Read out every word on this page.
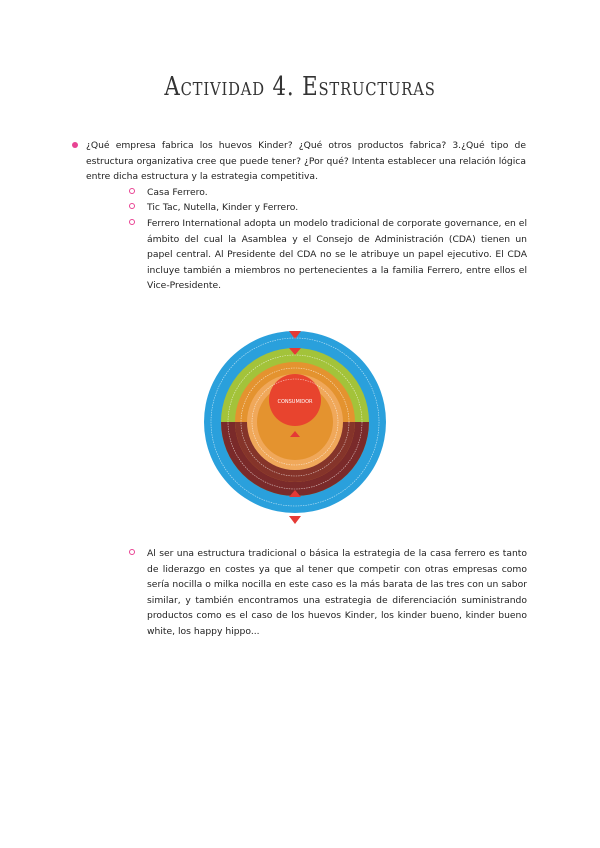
Actividad 4. Estructuras

¿Qué empresa fabrica los huevos Kinder? ¿Qué otros productos fabrica? 3.¿Qué tipo de estructura organizativa cree que puede tener? ¿Por qué? Intenta establecer una relación lógica entre dicha estructura y la estrategia competitiva.

Casa Ferrero.

Tic Tac, Nutella, Kinder y Ferrero.

Ferrero International adopta un modelo tradicional de corporate governance, en el ámbito del cual la Asamblea y el Consejo de Administración (CDA) tienen un papel central. Al Presidente del CDA no se le atribuye un papel ejecutivo. El CDA incluye también a miembros no pertenecientes a la familia Ferrero, entre ellos el Vice-Presidente.

CONSUMIDOR

Al ser una estructura tradicional o básica la estrategia de la casa ferrero es tanto de liderazgo en costes ya que al tener que competir con otras empresas como sería nocilla o milka nocilla en este caso es la más barata de las tres con un sabor similar, y también encontramos una estrategia de diferenciación suministrando productos como es el caso de los huevos Kinder, los kinder bueno, kinder bueno white, los happy hippo...
